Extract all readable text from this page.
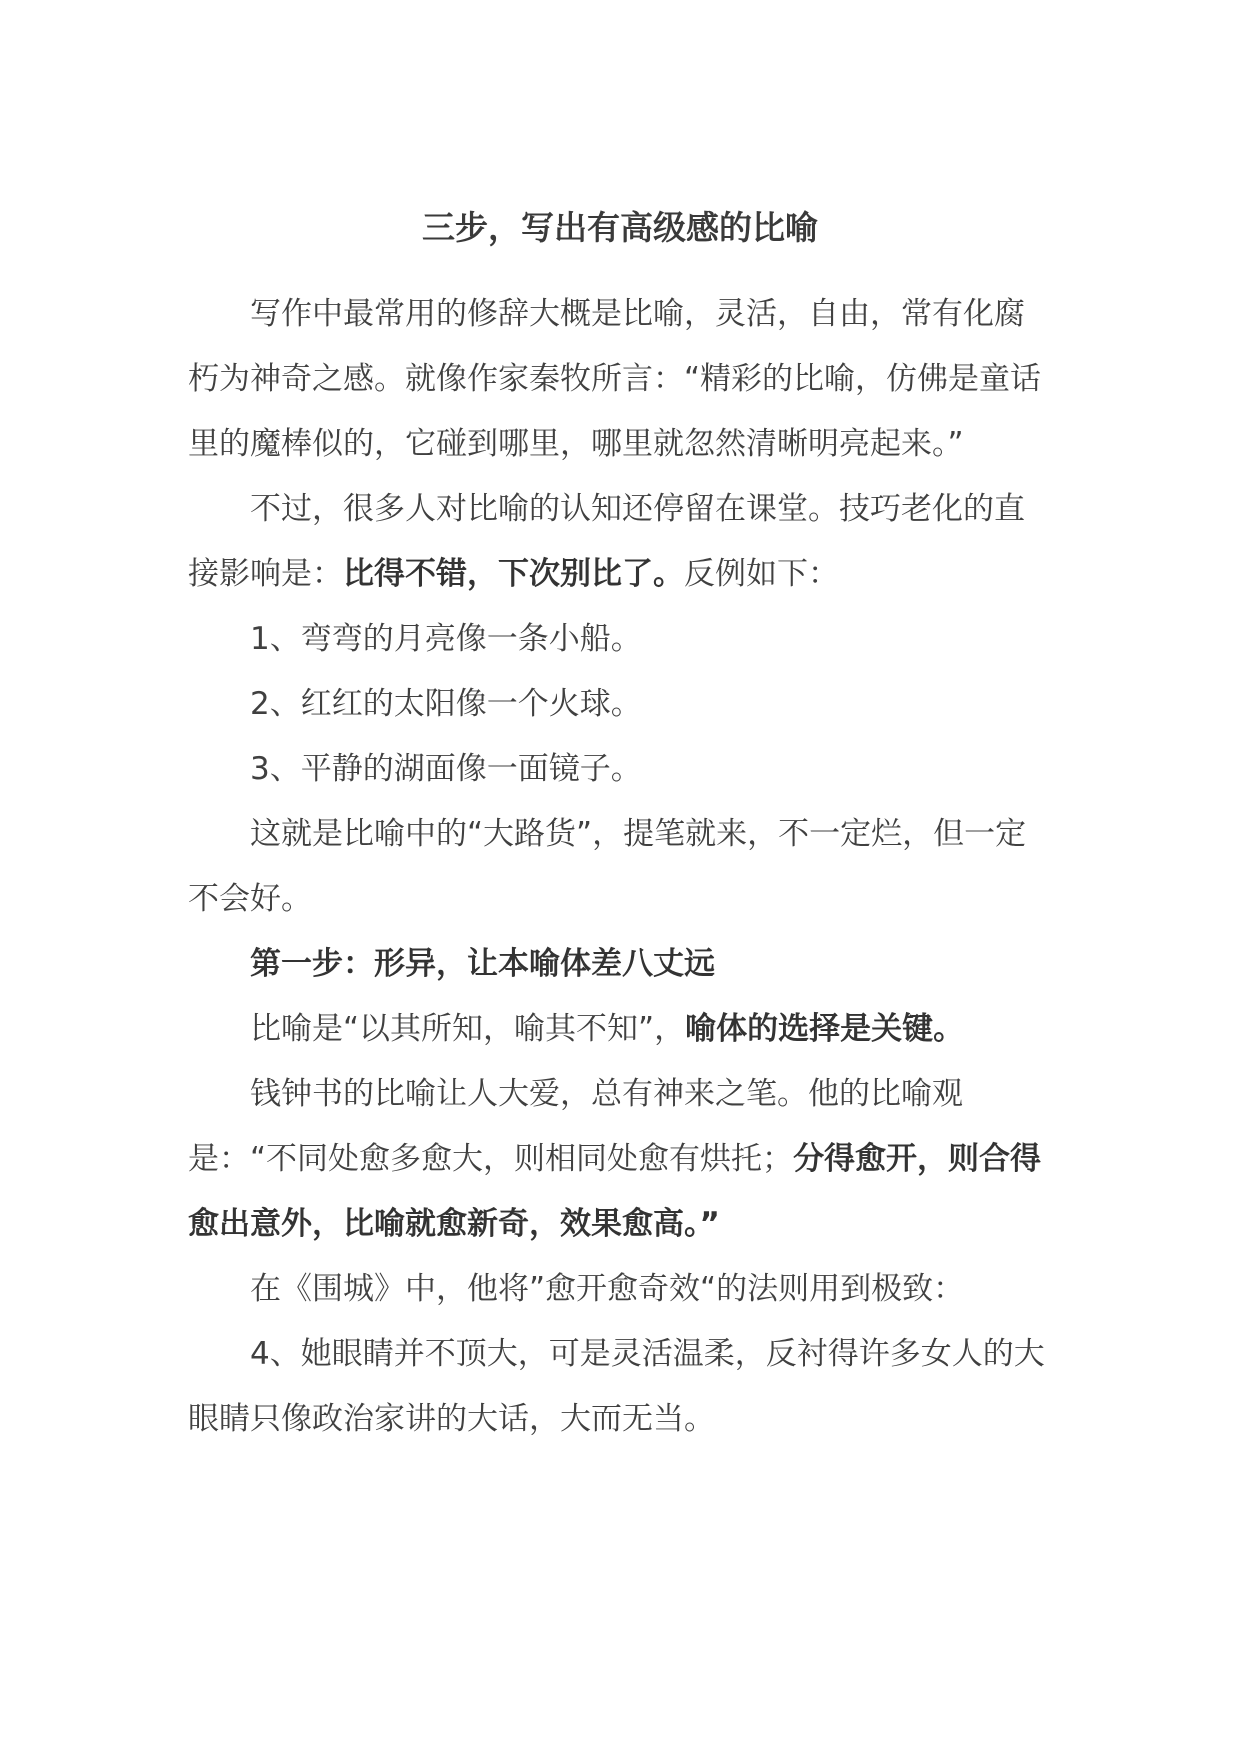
三步，写出有高级感的比喻

写作中最常用的修辞大概是比喻，灵活，自由，常有化腐朽为神奇之感。就像作家秦牧所言：“精彩的比喻，仿佛是童话里的魔棒似的，它碰到哪里，哪里就忽然清晰明亮起来。”

不过，很多人对比喻的认知还停留在课堂。技巧老化的直接影响是：比得不错，下次别比了。反例如下：

1、弯弯的月亮像一条小船。

2、红红的太阳像一个火球。

3、平静的湖面像一面镜子。

这就是比喻中的“大路货”，提笔就来，不一定烂，但一定不会好。

第一步：形异，让本喻体差八丈远

比喻是“以其所知，喻其不知”，喻体的选择是关键。

钱钟书的比喻让人大爱，总有神来之笔。他的比喻观是：“不同处愈多愈大，则相同处愈有烘托；分得愈开，则合得愈出意外，比喻就愈新奇，效果愈高。”

在《围城》中，他将”愈开愈奇效“的法则用到极致：

4、她眼睛并不顶大，可是灵活温柔，反衬得许多女人的大眼睛只像政治家讲的大话，大而无当。
